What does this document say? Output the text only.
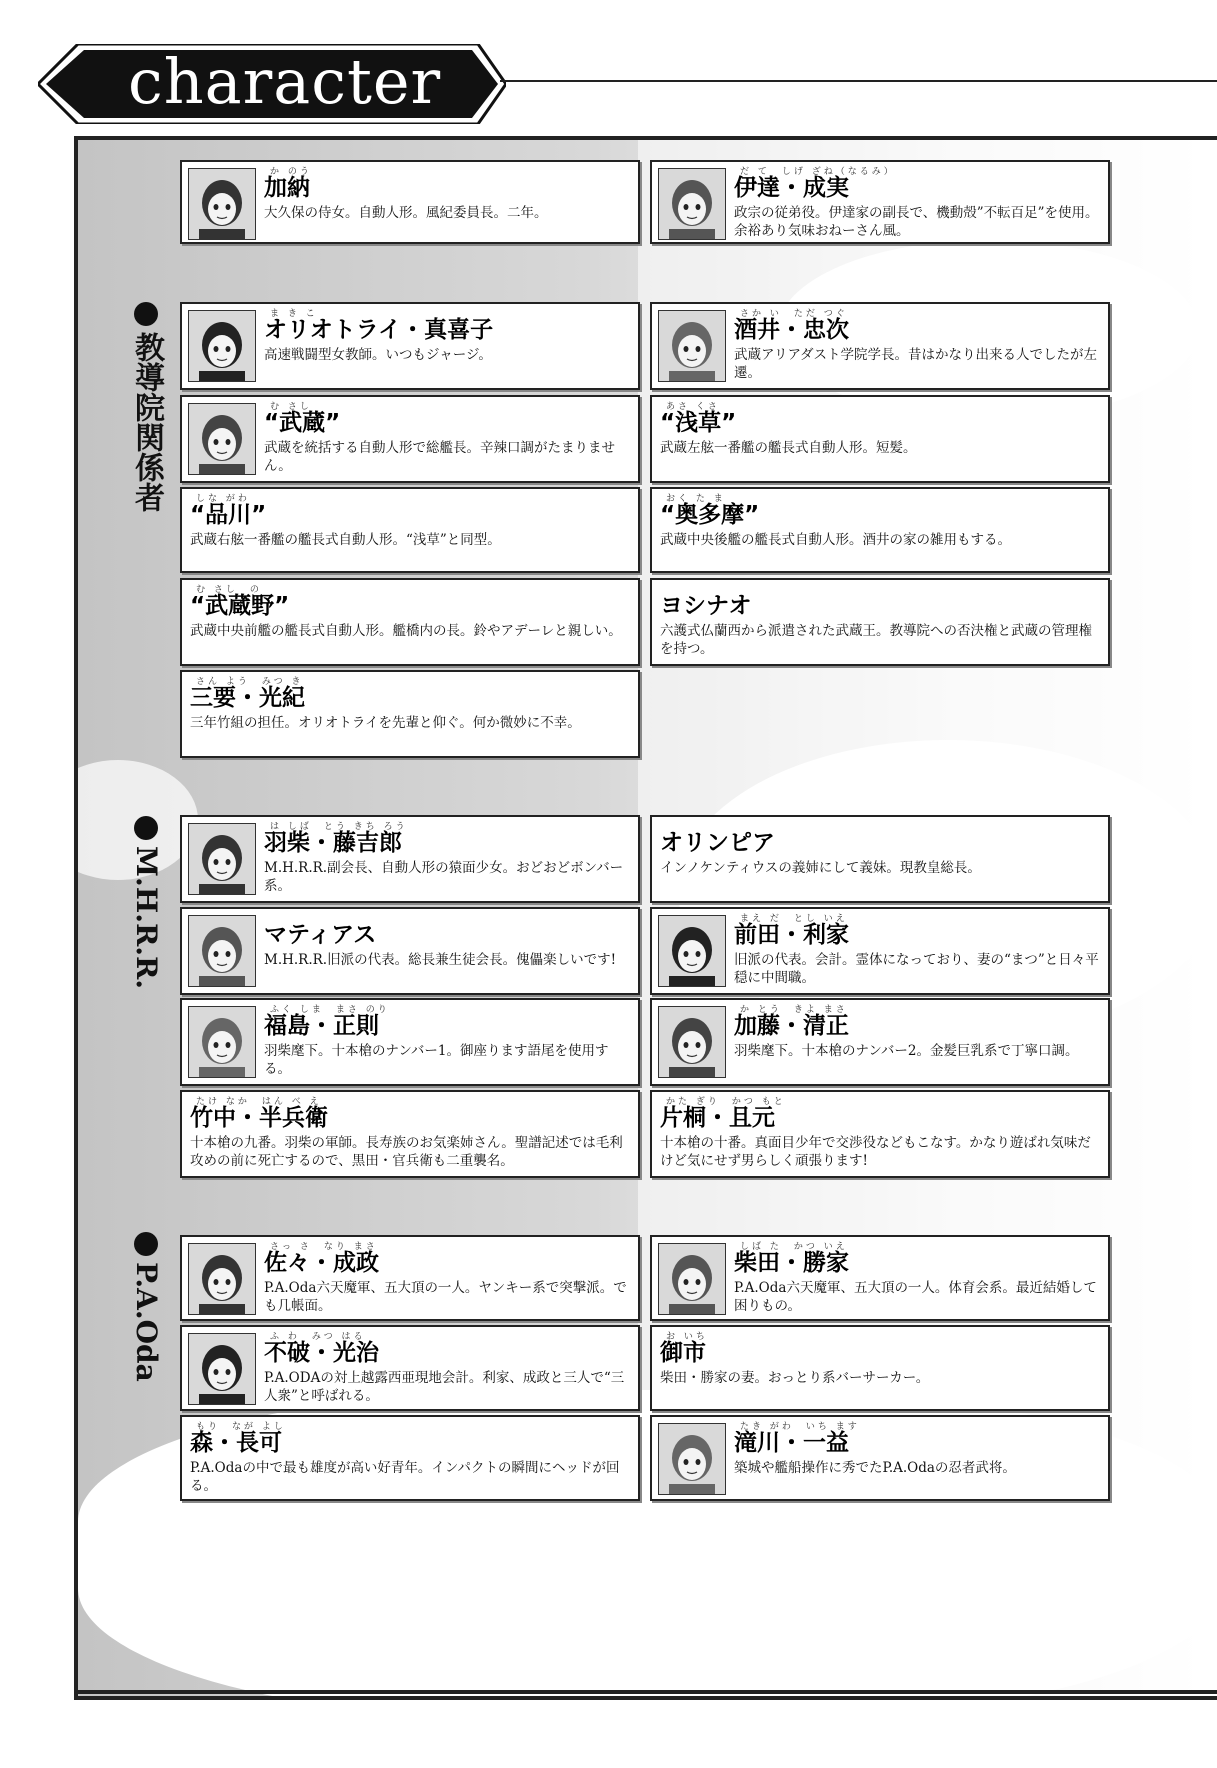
character
教導院関係者
M.H.R.R.
P.A.Oda
か のう
加納
大久保の侍女。自動人形。風紀委員長。二年。
だ て　しげ ざね（なるみ）
伊達・成実
政宗の従弟役。伊達家の副長で、機動殻”不転百足”を使用。余裕あり気味おねーさん風。
ま き こ
オリオトライ・真喜子
高速戦闘型女教師。いつもジャージ。
さか い　ただ つぐ
酒井・忠次
武蔵アリアダスト学院学長。昔はかなり出来る人でしたが左遷。
む さし
“武蔵”
武蔵を統括する自動人形で総艦長。辛辣口調がたまりません。
あさ くさ
“浅草”
武蔵左舷一番艦の艦長式自動人形。短髪。
しな がわ
“品川”
武蔵右舷一番艦の艦長式自動人形。“浅草”と同型。
おく た ま
“奥多摩”
武蔵中央後艦の艦長式自動人形。酒井の家の雑用もする。
む さし　の
“武蔵野”
武蔵中央前艦の艦長式自動人形。艦橋内の長。鈴やアデーレと親しい。
ヨシナオ
六護式仏蘭西から派遣された武蔵王。教導院への否決権と武蔵の管理権を持つ。
さん よう　みつ き
三要・光紀
三年竹組の担任。オリオトライを先輩と仰ぐ。何か微妙に不幸。
は しば　とう きち ろう
羽柴・藤吉郎
M.H.R.R.副会長、自動人形の猿面少女。おどおどボンバー系。
オリンピア
インノケンティウスの義姉にして義妹。現教皇総長。
マティアス
M.H.R.R.旧派の代表。総長兼生徒会長。傀儡楽しいです!
まえ だ　とし いえ
前田・利家
旧派の代表。会計。霊体になっており、妻の“まつ”と日々平穏に中間職。
ふく しま　まさ のり
福島・正則
羽柴麾下。十本槍のナンバー1。御座ります語尾を使用する。
か とう　きよ まさ
加藤・清正
羽柴麾下。十本槍のナンバー2。金髪巨乳系で丁寧口調。
たけ なか　はん べ え
竹中・半兵衛
十本槍の九番。羽柴の軍師。長寿族のお気楽姉さん。聖譜記述では毛利攻めの前に死亡するので、黒田・官兵衛も二重襲名。
かた ぎり　かつ もと
片桐・且元
十本槍の十番。真面目少年で交渉役などもこなす。かなり遊ばれ気味だけど気にせず男らしく頑張ります!
さっ さ　なり まさ
佐々・成政
P.A.Oda六天魔軍、五大頂の一人。ヤンキー系で突撃派。でも几帳面。
しば た　かつ いえ
柴田・勝家
P.A.Oda六天魔軍、五大頂の一人。体育会系。最近結婚して困りもの。
ふ わ　みつ はる
不破・光治
P.A.ODAの対上越露西亜現地会計。利家、成政と三人で“三人衆”と呼ばれる。
お いち
御市
柴田・勝家の妻。おっとり系バーサーカー。
もり　なが よし
森・長可
P.A.Odaの中で最も雄度が高い好青年。インパクトの瞬間にヘッドが回る。
たき がわ　いち ます
滝川・一益
築城や艦船操作に秀でたP.A.Odaの忍者武将。
